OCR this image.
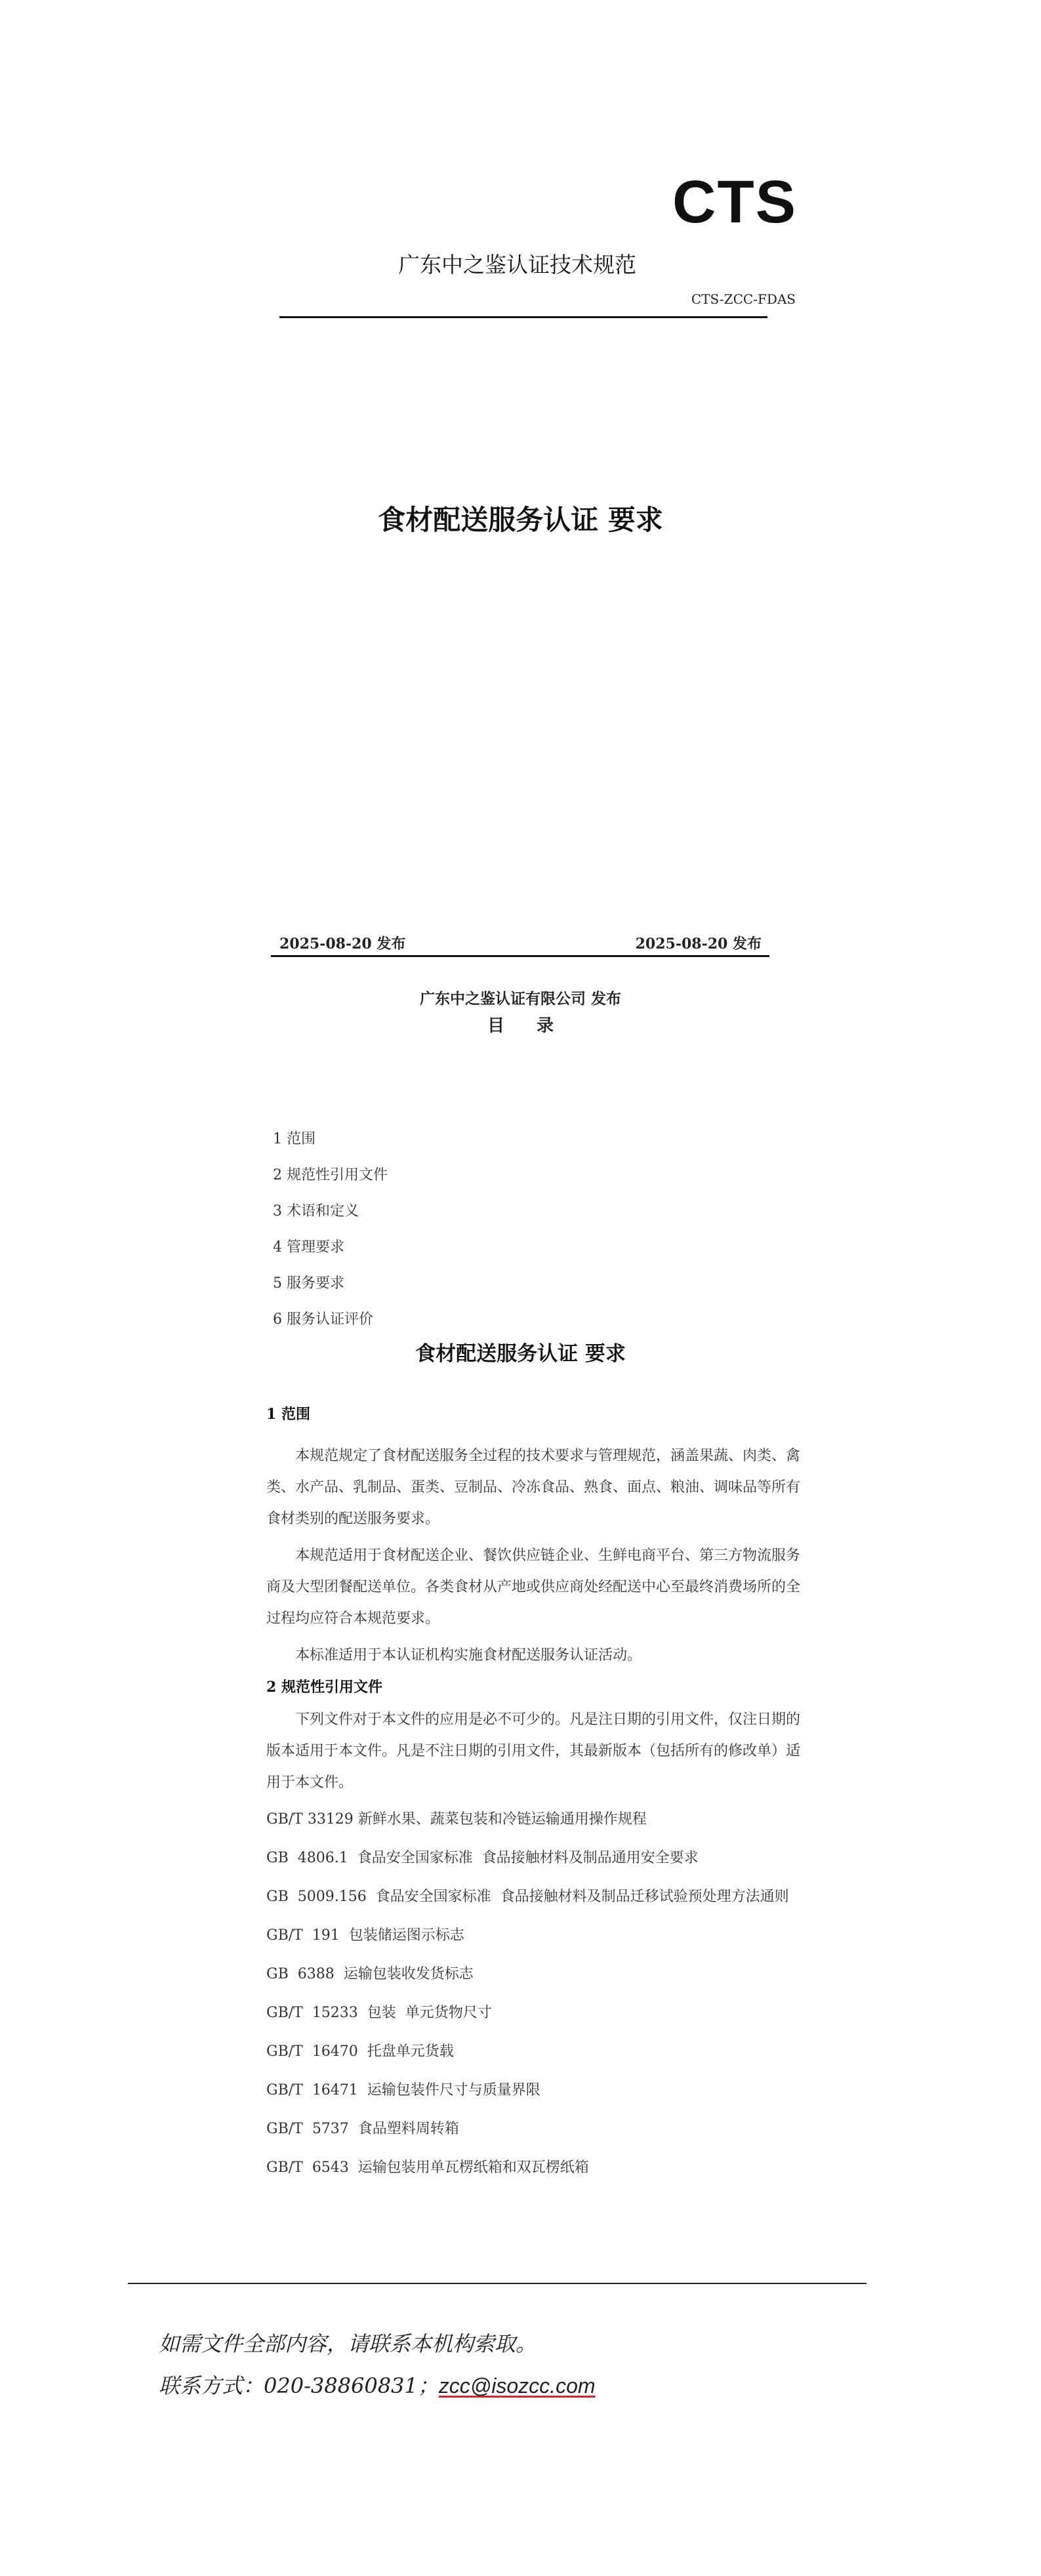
CTS
广东中之鉴认证技术规范
CTS-ZCC-FDAS
食材配送服务认证 要求
2025-08-20 发布	2025-08-20 发布
广东中之鉴认证有限公司 发布
目 录
1 范围
2 规范性引用文件
3 术语和定义
4 管理要求
5 服务要求
6 服务认证评价
食材配送服务认证 要求
1 范围

本规范规定了食材配送服务全过程的技术要求与管理规范，涵盖果蔬、肉类、禽类、水产品、乳制品、蛋类、豆制品、冷冻食品、熟食、面点、粮油、调味品等所有食材类别的配送服务要求。

本规范适用于食材配送企业、餐饮供应链企业、生鲜电商平台、第三方物流服务商及大型团餐配送单位。各类食材从产地或供应商处经配送中心至最终消费场所的全过程均应符合本规范要求。

本标准适用于本认证机构实施食材配送服务认证活动。

2 规范性引用文件

下列文件对于本文件的应用是必不可少的。凡是注日期的引用文件，仅注日期的版本适用于本文件。凡是不注日期的引用文件，其最新版本（包括所有的修改单）适用于本文件。

GB/T 33129 新鲜水果、蔬菜包装和冷链运输通用操作规程

GB  4806.1  食品安全国家标准  食品接触材料及制品通用安全要求

GB  5009.156  食品安全国家标准  食品接触材料及制品迁移试验预处理方法通则

GB/T  191  包装储运图示标志

GB  6388  运输包装收发货标志

GB/T  15233  包装  单元货物尺寸

GB/T  16470  托盘单元货载

GB/T  16471  运输包装件尺寸与质量界限

GB/T  5737  食品塑料周转箱

GB/T  6543  运输包装用单瓦楞纸箱和双瓦楞纸箱

如需文件全部内容，请联系本机构索取。
联系方式：020-38860831；zcc@isozcc.com
